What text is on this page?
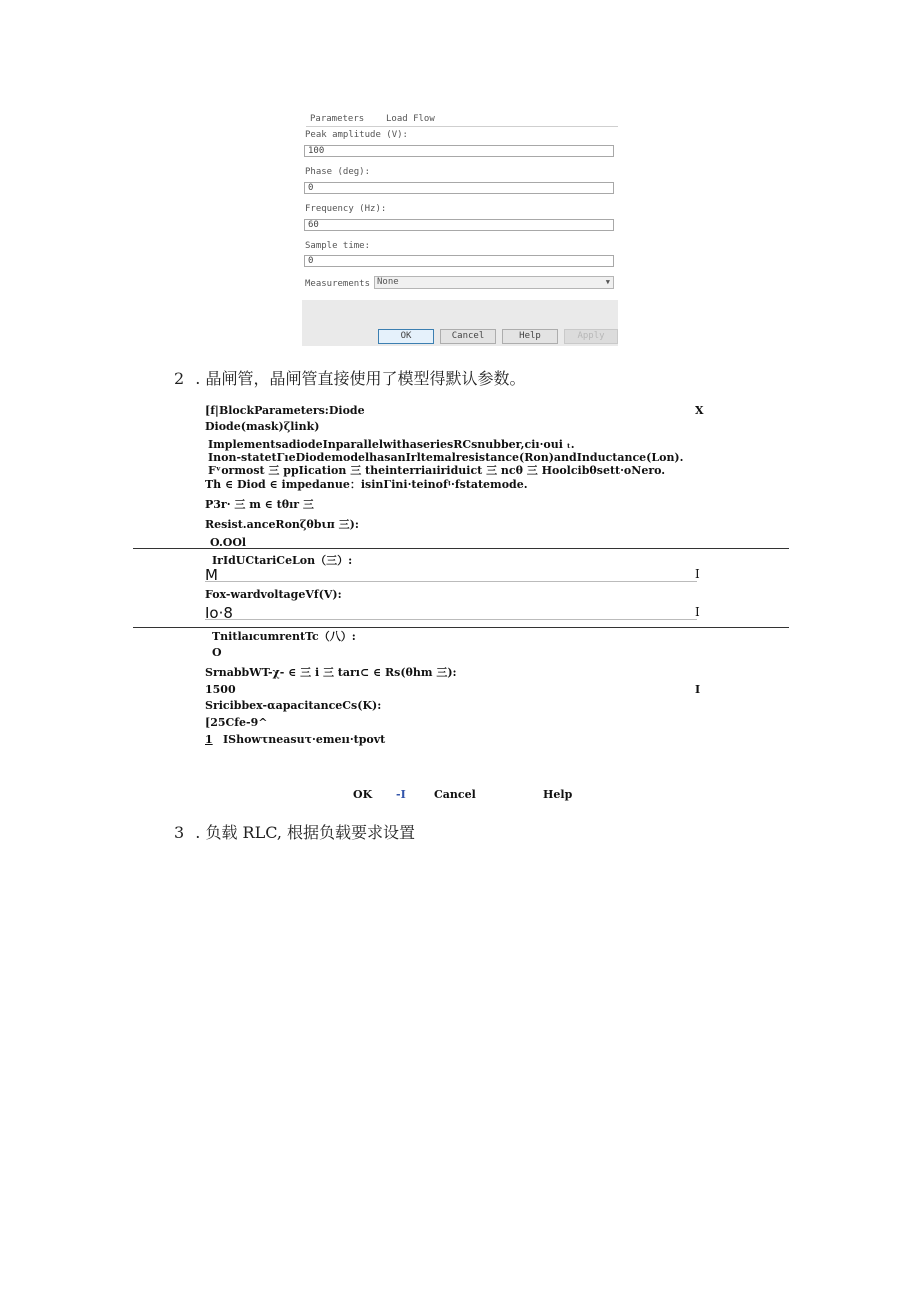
Parameters Load Flow
Peak amplitude (V):
100
Phase (deg):
0
Frequency (Hz):
60
Sample time:
0
Measurements None	▼
OK	Cancel	Help	Apply
2 . 晶闸管，晶闸管直接使用了模型得默认参数。
[f|BlockParameters:Diode	X
Diode(mask)ζlink)
ImplementsadiodeInparallelwithaseriesRCsnubber,ciı·oui ₜ.
Inon-statetΓıeDiodemodelhasanIrltemalresistance(Ron)andInductance(Lon).
Fᵛormost 三 ppIication 三 theinterriaıiriduict 三 ncθ 三 Hoolcibθsett·oNero.
Th ∈ Diod ∈ impedanue：isinΓini·teinofᵎ·fstatemode.
P3r· 三 m ∈ tθır 三
Resist.anceRonζθbιπ 三):
O.OOl
IrIdUCtariCeLon（三）:
M	I
Fox-wardvoltageVf(V):
Io·8	I
TnitlaıcumrentTc（八）:
O
SrnabbWT-χ- ∈ 三 i 三 tarı⊂ ∈ Rs(θhm 三):
1500	I
Sricibbex-αapacitanceCs(K):
[25Cfe-9^
1 IShowτneasuτ·emeıı·tpovt
OK -I	Cancel	Help
3 . 负载 RLC, 根据负载要求设置
